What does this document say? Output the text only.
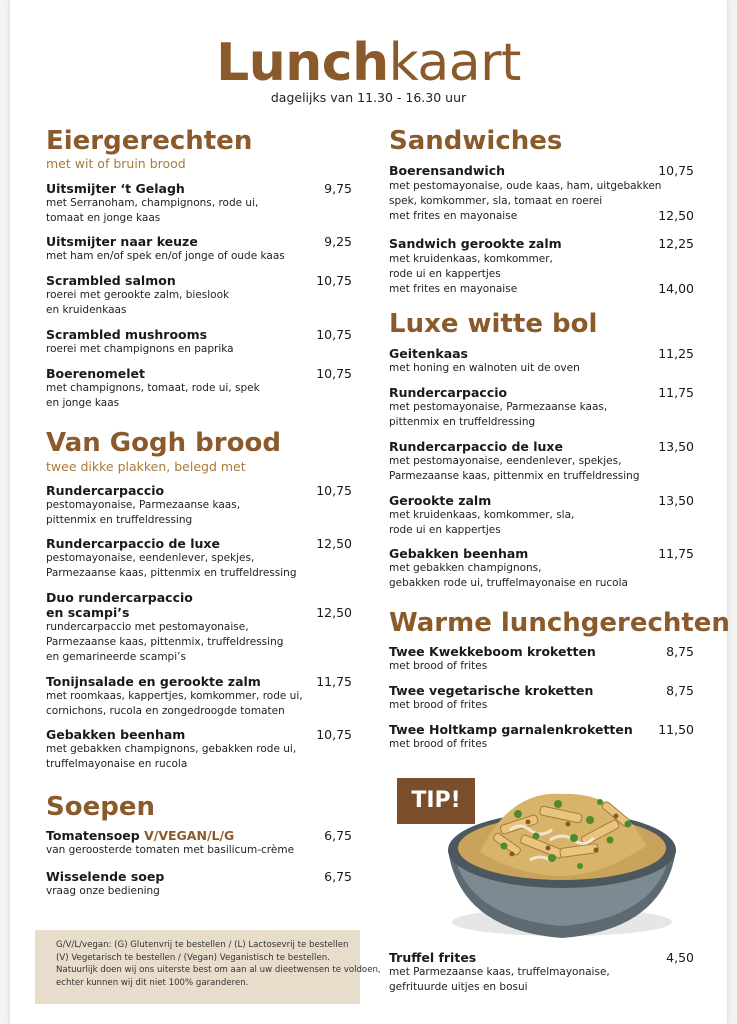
Lunchkaart
dagelijks van 11.30 - 16.30 uur
Eiergerechten
met wit of bruin brood
Uitsmijter ‘t Gelagh	9,75
met Serranoham, champignons, rode ui,
tomaat en jonge kaas
Uitsmijter naar keuze	9,25
met ham en/of spek en/of jonge of oude kaas
Scrambled salmon	10,75
roerei met gerookte zalm, bieslook
en kruidenkaas
Scrambled mushrooms	10,75
roerei met champignons en paprika
Boerenomelet	10,75
met champignons, tomaat, rode ui, spek
en jonge kaas
Van Gogh brood
twee dikke plakken, belegd met
Rundercarpaccio	10,75
pestomayonaise, Parmezaanse kaas,
pittenmix en truffeldressing
Rundercarpaccio de luxe	12,50
pestomayonaise, eendenlever, spekjes,
Parmezaanse kaas, pittenmix en truffeldressing
Duo rundercarpaccio
en scampi’s	12,50
rundercarpaccio met pestomayonaise,
Parmezaanse kaas, pittenmix, truffeldressing
en gemarineerde scampi’s
Tonijnsalade en gerookte zalm	11,75
met roomkaas, kappertjes, komkommer, rode ui,
cornichons, rucola en zongedroogde tomaten
Gebakken beenham	10,75
met gebakken champignons, gebakken rode ui,
truffelmayonaise en rucola
Soepen
Tomatensoep V/VEGAN/L/G	6,75
van geroosterde tomaten met basilicum-crème
Wisselende soep	6,75
vraag onze bediening
G/V/L/vegan: (G) Glutenvrij te bestellen / (L) Lactosevrij te bestellen
(V) Vegetarisch te bestellen / (Vegan) Veganistisch te bestellen.
Natuurlijk doen wij ons uiterste best om aan al uw dieetwensen te voldoen,
echter kunnen wij dit niet 100% garanderen.
Sandwiches
Boerensandwich	10,75
met pestomayonaise, oude kaas, ham, uitgebakken
spek, komkommer, sla, tomaat en roerei
met frites en mayonaise	12,50
Sandwich gerookte zalm	12,25
met kruidenkaas, komkommer,
rode ui en kappertjes
met frites en mayonaise	14,00
Luxe witte bol
Geitenkaas	11,25
met honing en walnoten uit de oven
Rundercarpaccio	11,75
met pestomayonaise, Parmezaanse kaas,
pittenmix en truffeldressing
Rundercarpaccio de luxe	13,50
met pestomayonaise, eendenlever, spekjes,
Parmezaanse kaas, pittenmix en truffeldressing
Gerookte zalm	13,50
met kruidenkaas, komkommer, sla,
rode ui en kappertjes
Gebakken beenham	11,75
met gebakken champignons,
gebakken rode ui, truffelmayonaise en rucola
Warme lunchgerechten
Twee Kwekkeboom kroketten	8,75
met brood of frites
Twee vegetarische kroketten	8,75
met brood of frites
Twee Holtkamp garnalenkroketten	11,50
met brood of frites
TIP!
Truffel frites	4,50
met Parmezaanse kaas, truffelmayonaise,
gefrituurde uitjes en bosui
